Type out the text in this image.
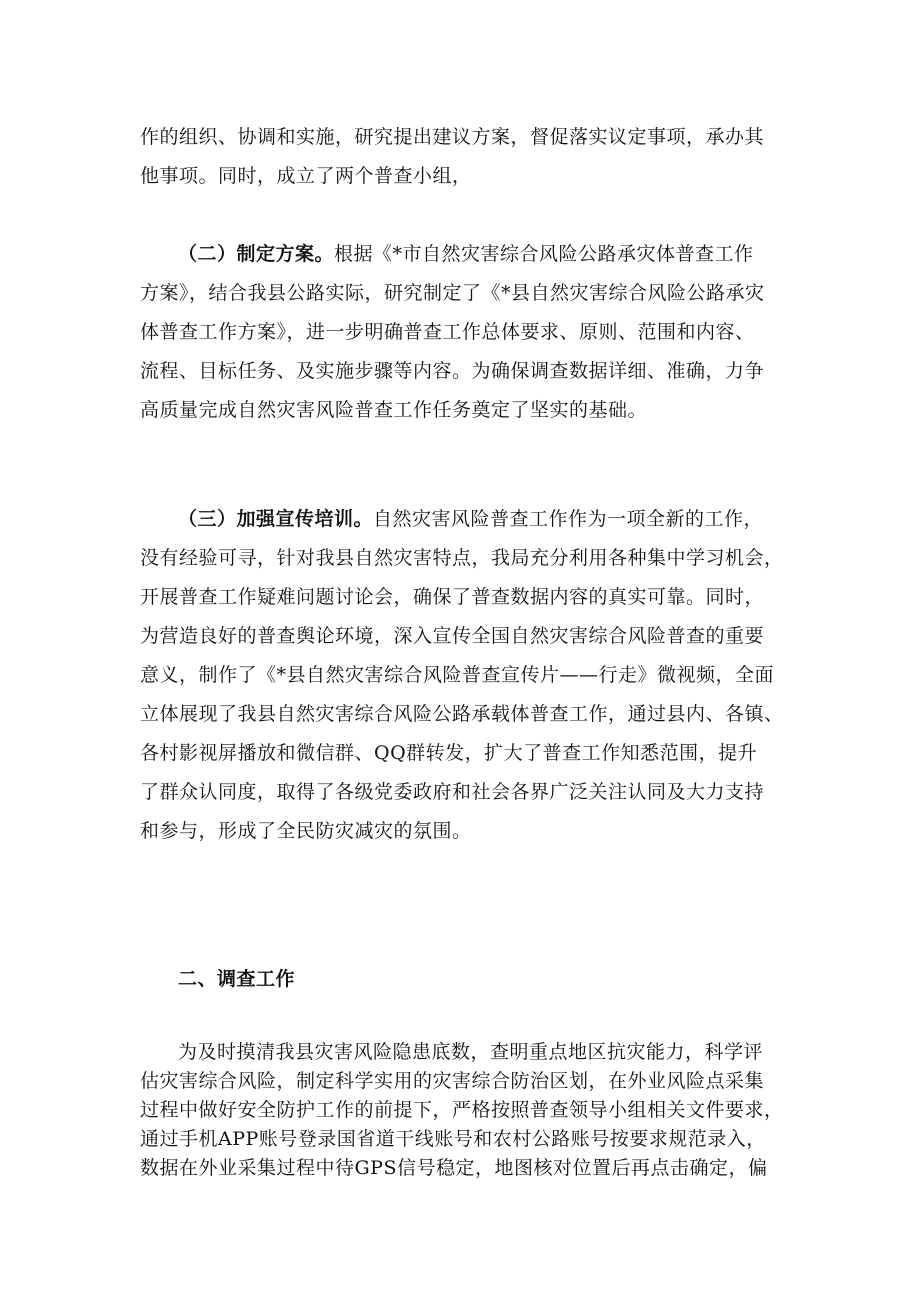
作的组织、协调和实施，研究提出建议方案，督促落实议定事项，承办其
他事项。同时，成立了两个普查小组，

（二）制定方案。根据《*市自然灾害综合风险公路承灾体普查工作

方案》，结合我县公路实际，研究制定了《*县自然灾害综合风险公路承灾
体普查工作方案》，进一步明确普查工作总体要求、原则、范围和内容、
流程、目标任务、及实施步骤等内容。为确保调查数据详细、准确，力争
高质量完成自然灾害风险普查工作任务奠定了坚实的基础。

（三）加强宣传培训。自然灾害风险普查工作作为一项全新的工作，

没有经验可寻，针对我县自然灾害特点，我局充分利用各种集中学习机会，
开展普查工作疑难问题讨论会，确保了普查数据内容的真实可靠。同时，
为营造良好的普查舆论环境，深入宣传全国自然灾害综合风险普查的重要
意义，制作了《*县自然灾害综合风险普查宣传片——行走》微视频，全面
立体展现了我县自然灾害综合风险公路承载体普查工作，通过县内、各镇、
各村影视屏播放和微信群、QQ群转发，扩大了普查工作知悉范围，提升
了群众认同度，取得了各级党委政府和社会各界广泛关注认同及大力支持
和参与，形成了全民防灾减灾的氛围。

二、调查工作

为及时摸清我县灾害风险隐患底数，查明重点地区抗灾能力，科学评

估灾害综合风险，制定科学实用的灾害综合防治区划，在外业风险点采集
过程中做好安全防护工作的前提下，严格按照普查领导小组相关文件要求，
通过手机APP账号登录国省道干线账号和农村公路账号按要求规范录入，
数据在外业采集过程中待GPS信号稳定，地图核对位置后再点击确定，偏
